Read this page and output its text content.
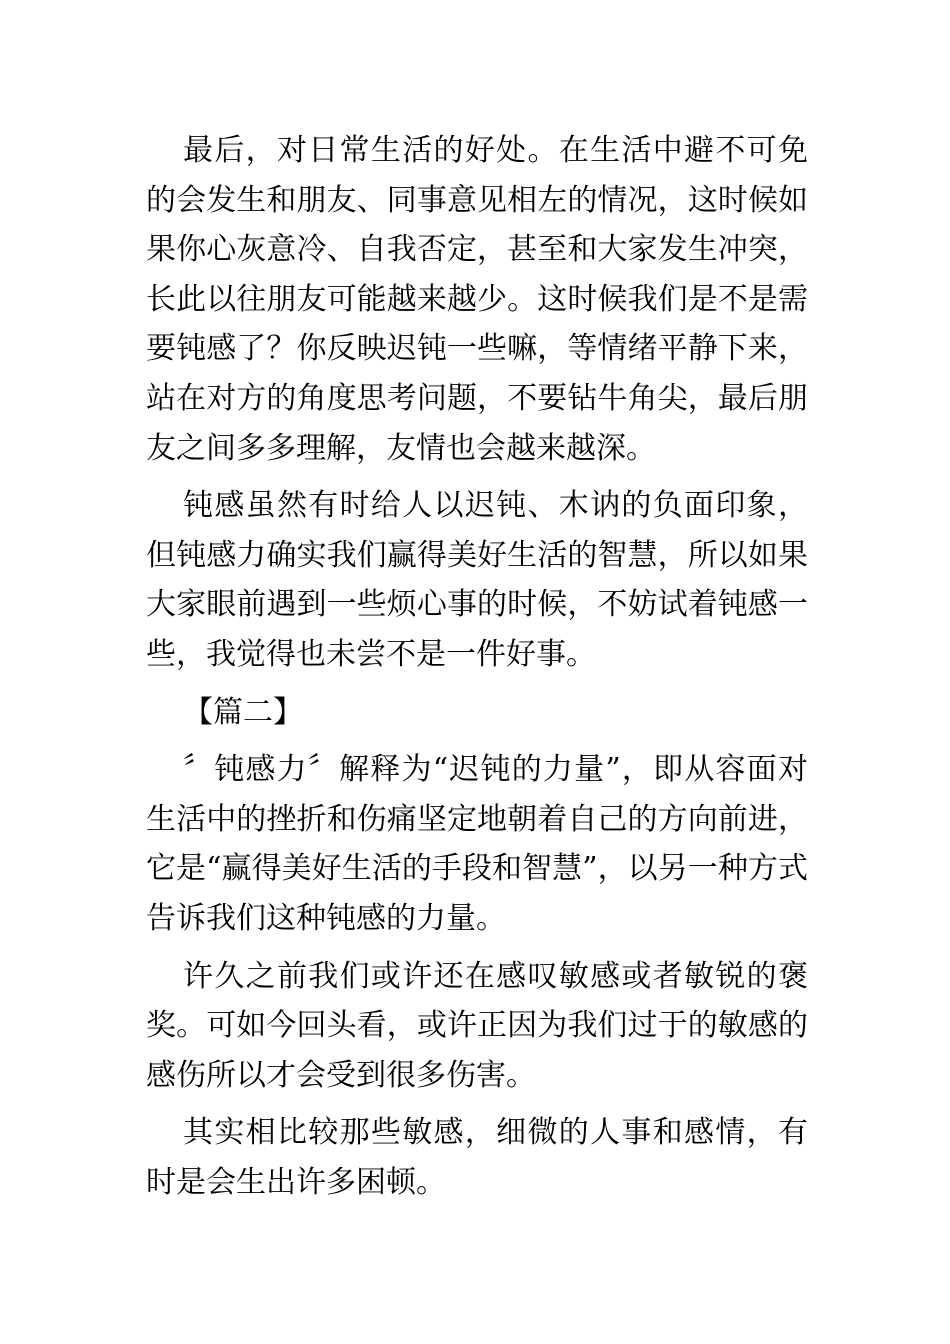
最后，对日常生活的好处。在生活中避不可免的会发生和朋友、同事意见相左的情况，这时候如果你心灰意冷、自我否定，甚至和大家发生冲突，长此以往朋友可能越来越少。这时候我们是不是需要钝感了？你反映迟钝一些嘛，等情绪平静下来，站在对方的角度思考问题，不要钻牛角尖，最后朋友之间多多理解，友情也会越来越深。

钝感虽然有时给人以迟钝、木讷的负面印象，但钝感力确实我们赢得美好生活的智慧，所以如果大家眼前遇到一些烦心事的时候，不妨试着钝感一些，我觉得也未尝不是一件好事。

【篇二】

〞钝感力〞解释为“迟钝的力量”，即从容面对生活中的挫折和伤痛坚定地朝着自己的方向前进，它是“赢得美好生活的手段和智慧”，以另一种方式告诉我们这种钝感的力量。

许久之前我们或许还在感叹敏感或者敏锐的褒奖。可如今回头看，或许正因为我们过于的敏感的感伤所以才会受到很多伤害。

其实相比较那些敏感，细微的人事和感情，有时是会生出许多困顿。
